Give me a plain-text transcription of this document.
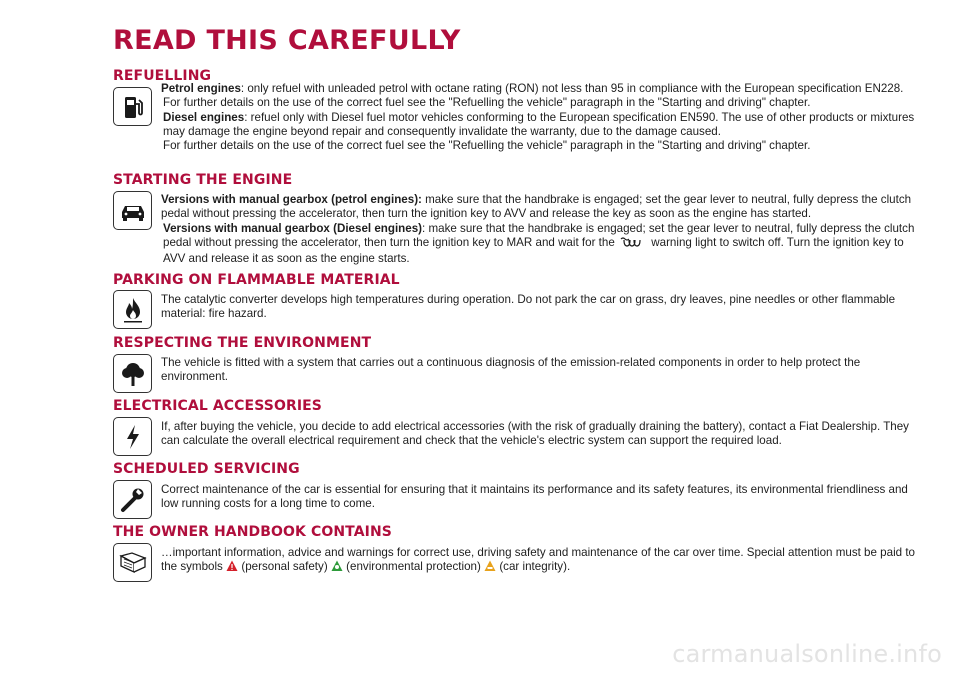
READ THIS CAREFULLY
REFUELLING

Petrol engines: only refuel with unleaded petrol with octane rating (RON) not less than 95 in compliance with the European specification EN228.

For further details on the use of the correct fuel see the "Refuelling the vehicle" paragraph in the "Starting and driving" chapter.

Diesel engines: refuel only with Diesel fuel motor vehicles conforming to the European specification EN590. The use of other products or mixtures may damage the engine beyond repair and consequently invalidate the warranty, due to the damage caused.

For further details on the use of the correct fuel see the "Refuelling the vehicle" paragraph in the "Starting and driving" chapter.

STARTING THE ENGINE

Versions with manual gearbox (petrol engines): make sure that the handbrake is engaged; set the gear lever to neutral, fully depress the clutch pedal without pressing the accelerator, then turn the ignition key to AVV and release the key as soon as the engine has started.

Versions with manual gearbox (Diesel engines): make sure that the handbrake is engaged; set the gear lever to neutral, fully depress the clutch pedal without pressing the accelerator, then turn the ignition key to MAR and wait for the	warning light to switch off. Turn the ignition key to AVV and release it as soon as the engine starts.

PARKING ON FLAMMABLE MATERIAL
The catalytic converter develops high temperatures during operation. Do not park the car on grass, dry leaves, pine needles or other flammable material: fire hazard.
RESPECTING THE ENVIRONMENT
The vehicle is fitted with a system that carries out a continuous diagnosis of the emission-related components in order to help protect the environment.
ELECTRICAL ACCESSORIES
If, after buying the vehicle, you decide to add electrical accessories (with the risk of gradually draining the battery), contact a Fiat Dealership. They can calculate the overall electrical requirement and check that the vehicle's electric system can support the required load.
SCHEDULED SERVICING
Correct maintenance of the car is essential for ensuring that it maintains its performance and its safety features, its environmental friendliness and low running costs for a long time to come.
THE OWNER HANDBOOK CONTAINS
…important information, advice and warnings for correct use, driving safety and maintenance of the car over time. Special attention must be paid to the symbols (personal safety) (environmental protection) (car integrity).
carmanualsonline.info
